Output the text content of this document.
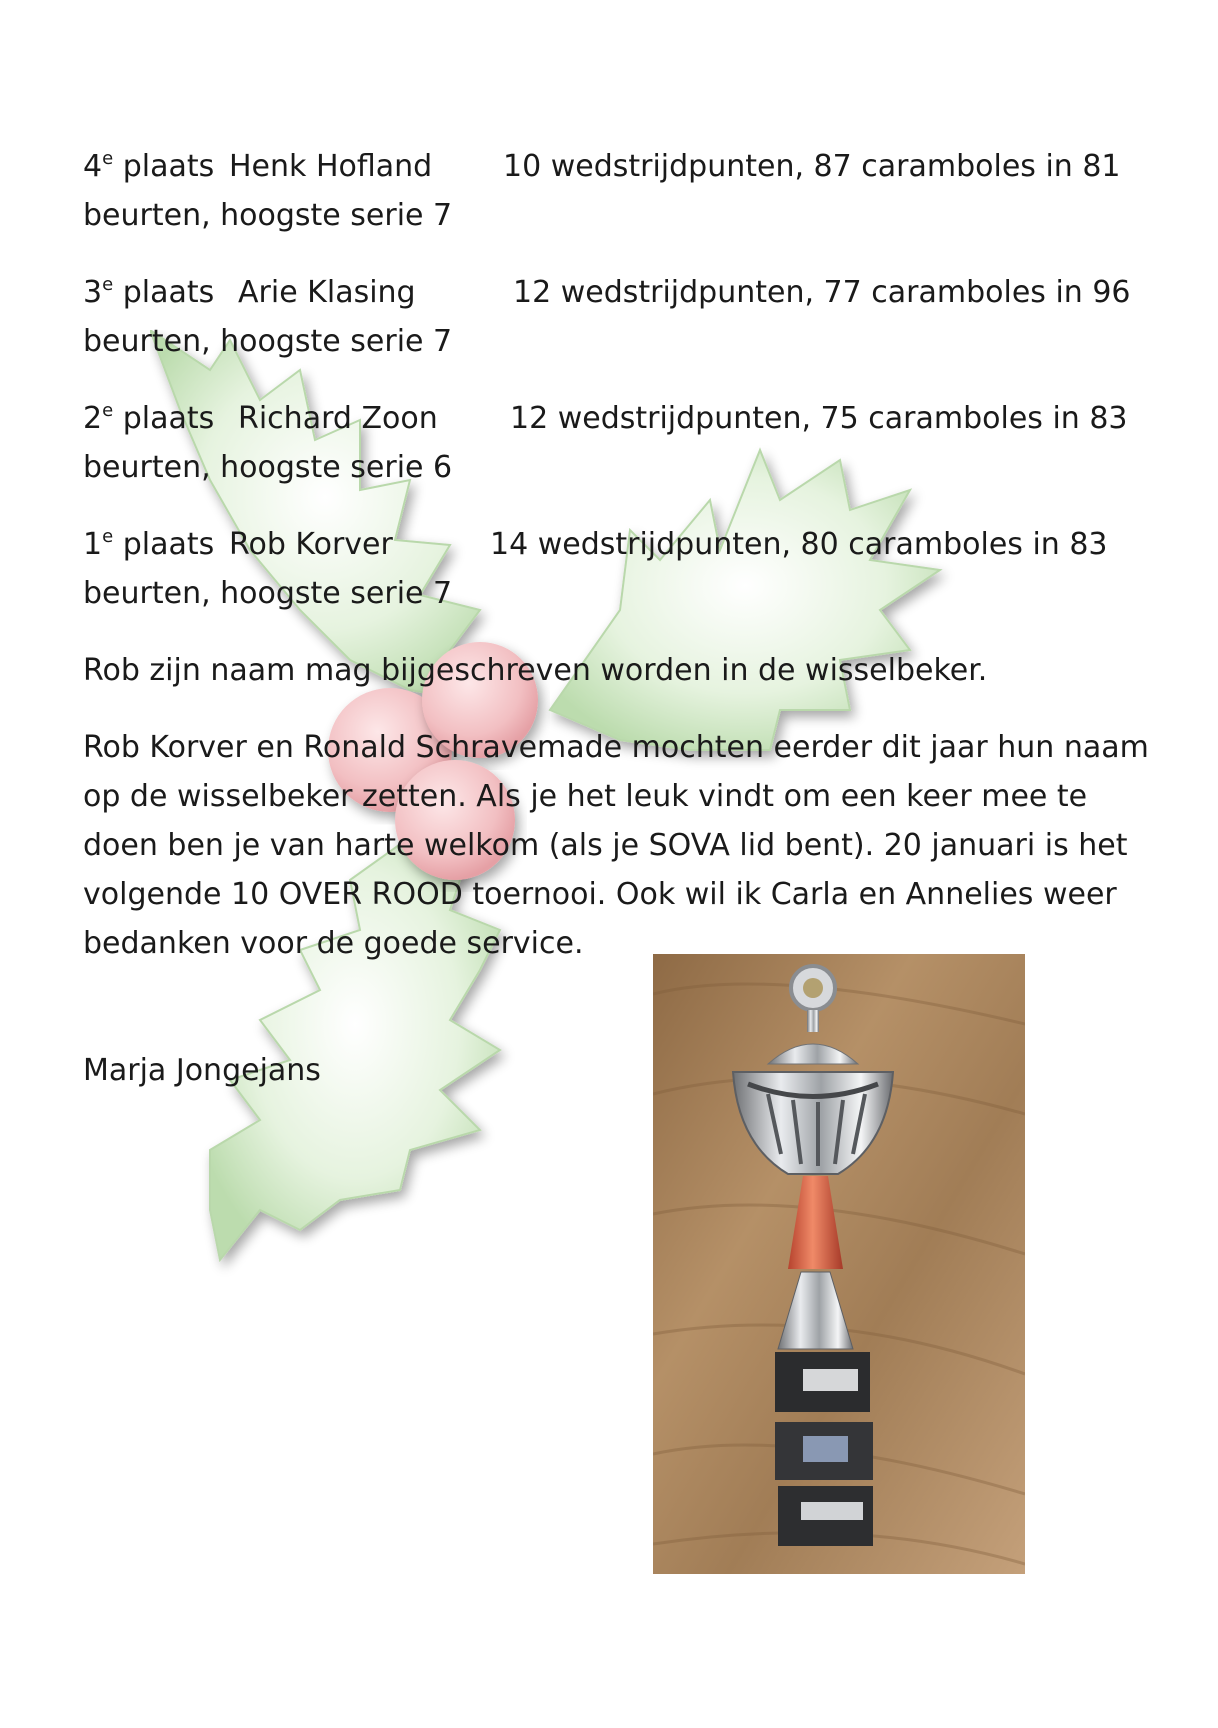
4e plaats Henk Hofland 10 wedstrijdpunten, 87 caramboles in 81
beurten, hoogste serie 7
3e plaats Arie Klasing	12 wedstrijdpunten, 77 caramboles in 96
beurten, hoogste serie 7
2e plaats Richard Zoon 12 wedstrijdpunten, 75 caramboles in 83
beurten, hoogste serie 6
1e plaats Rob Korver	14 wedstrijdpunten, 80 caramboles in 83
beurten, hoogste serie 7

Rob zijn naam mag bijgeschreven worden in de wisselbeker.

Rob Korver en Ronald Schravemade mochten eerder dit jaar hun naam op de wisselbeker zetten. Als je het leuk vindt om een keer mee te doen ben je van harte welkom (als je SOVA lid bent). 20 januari is het volgende 10 OVER ROOD toernooi. Ook wil ik Carla en Annelies weer bedanken voor de goede service.

Marja Jongejans
